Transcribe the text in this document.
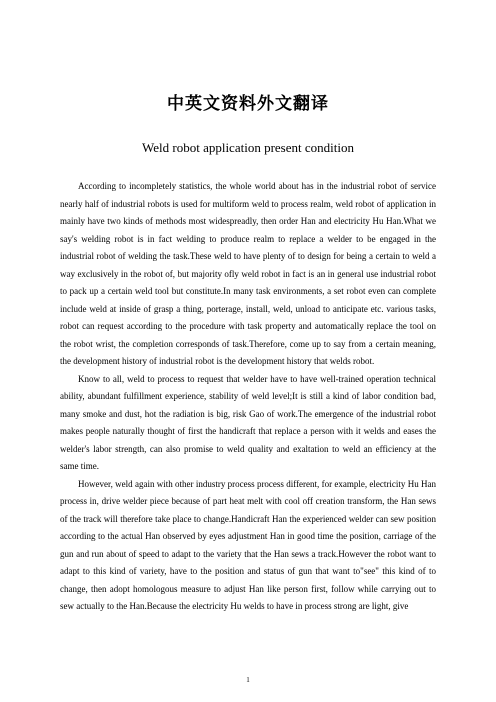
中英文资料外文翻译
Weld robot application present condition

According to incompletely statistics, the whole world about has in the industrial robot of service nearly half of industrial robots is used for multiform weld to process realm, weld robot of application in mainly have two kinds of methods most widespreadly, then order Han and electricity Hu Han.What we say's welding robot is in fact welding to produce realm to replace a welder to be engaged in the industrial robot of welding the task.These weld to have plenty of to design for being a certain to weld a way exclusively in the robot of, but majority ofly weld robot in fact is an in general use industrial robot to pack up a certain weld tool but constitute.In many task environments, a set robot even can complete include weld at inside of grasp a thing, porterage, install, weld, unload to anticipate etc. various tasks, robot can request according to the procedure with task property and automatically replace the tool on the robot wrist, the completion corresponds of task.Therefore, come up to say from a certain meaning, the development history of industrial robot is the development history that welds robot.

Know to all, weld to process to request that welder have to have well-trained operation technical ability, abundant fulfillment experience, stability of weld level;It is still a kind of labor condition bad, many smoke and dust, hot the radiation is big, risk Gao of work.The emergence of the industrial robot makes people naturally thought of first the handicraft that replace a person with it welds and eases the welder's labor strength, can also promise to weld quality and exaltation to weld an efficiency at the same time.

However, weld again with other industry process process different, for example, electricity Hu Han process in, drive welder piece because of part heat melt with cool off creation transform, the Han sews of the track will therefore take place to change.Handicraft Han the experienced welder can sew position according to the actual Han observed by eyes adjustment Han in good time the position, carriage of the gun and run about of speed to adapt to the variety that the Han sews a track.However the robot want to adapt to this kind of variety, have to the position and status of gun that want to"see" this kind of to change, then adopt homologous measure to adjust Han like person first, follow while carrying out to sew actually to the Han.Because the electricity Hu welds to have in process strong are light, give

1
